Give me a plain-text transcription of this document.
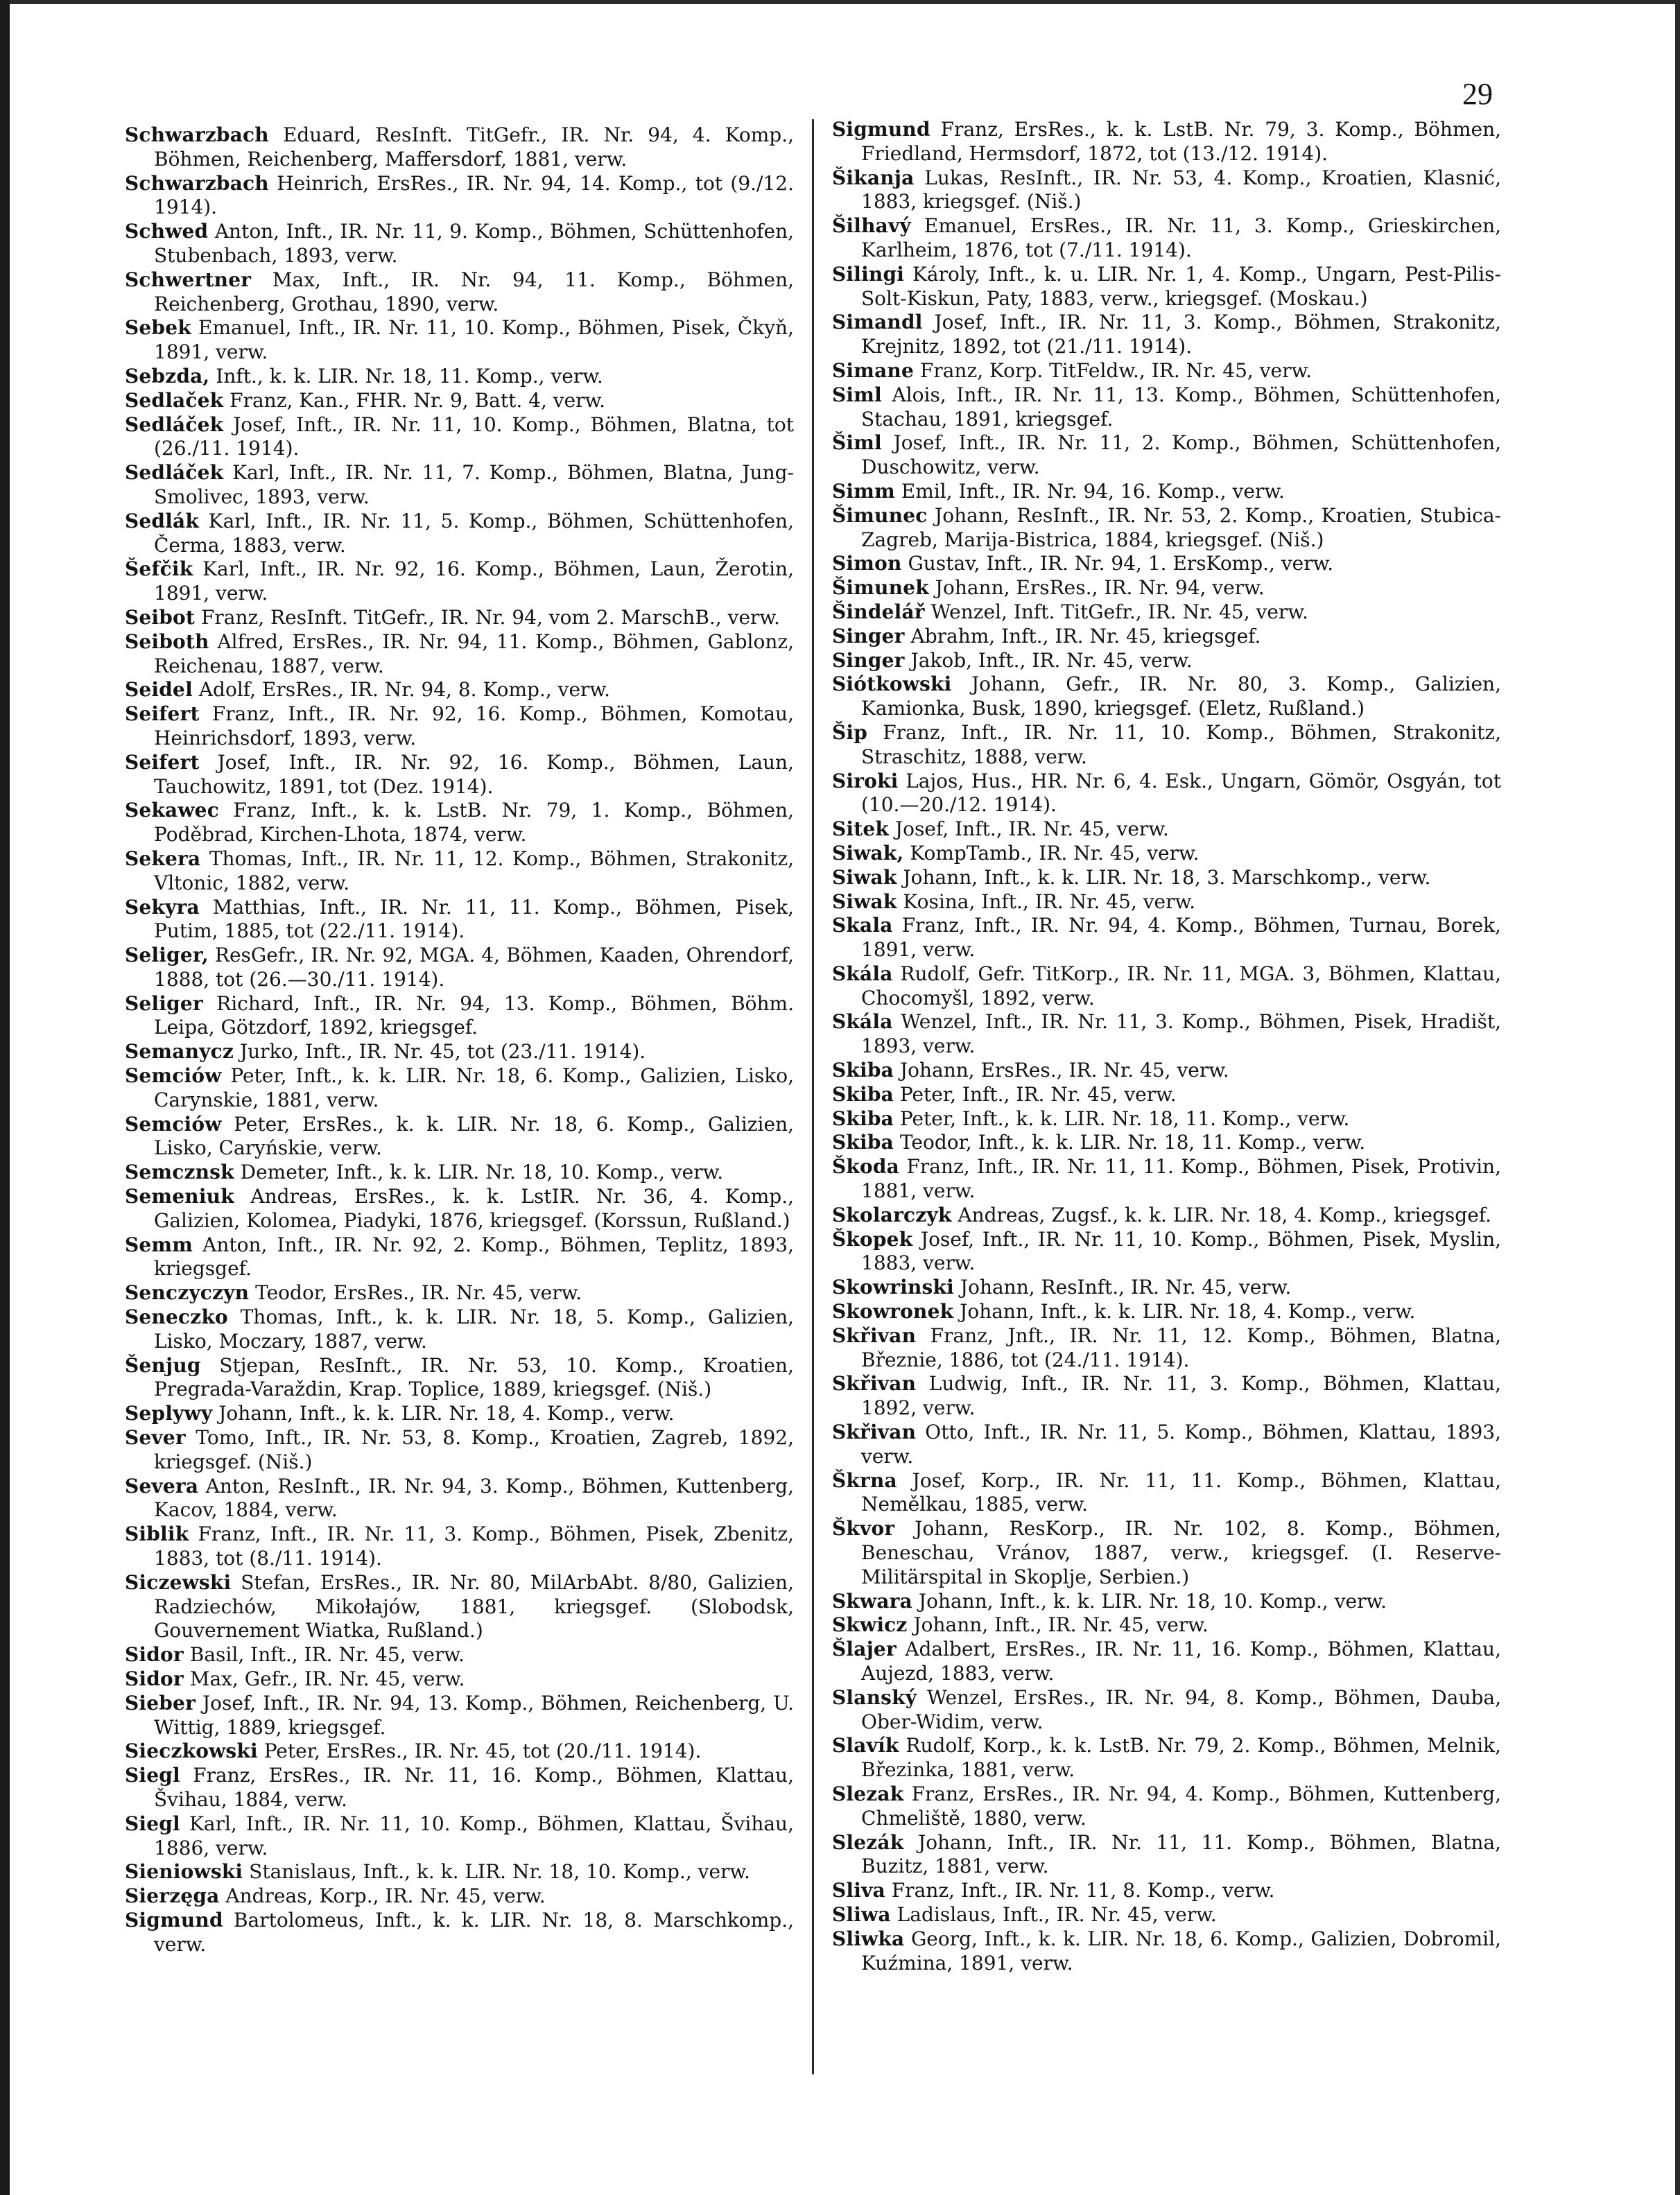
29

Schwarzbach Eduard, ResInft. TitGefr., IR. Nr. 94, 4. Komp., Böhmen, Reichenberg, Maffersdorf, 1881, verw.

Schwarzbach Heinrich, ErsRes., IR. Nr. 94, 14. Komp., tot (9./12. 1914).

Schwed Anton, Inft., IR. Nr. 11, 9. Komp., Böhmen, Schüttenhofen, Stubenbach, 1893, verw.

Schwertner Max, Inft., IR. Nr. 94, 11. Komp., Böhmen, Reichenberg, Grothau, 1890, verw.

Sebek Emanuel, Inft., IR. Nr. 11, 10. Komp., Böhmen, Pisek, Čkyň, 1891, verw.

Sebzda, Inft., k. k. LIR. Nr. 18, 11. Komp., verw.

Sedlaček Franz, Kan., FHR. Nr. 9, Batt. 4, verw.

Sedláček Josef, Inft., IR. Nr. 11, 10. Komp., Böhmen, Blatna, tot (26./11. 1914).

Sedláček Karl, Inft., IR. Nr. 11, 7. Komp., Böhmen, Blatna, Jung-Smolivec, 1893, verw.

Sedlák Karl, Inft., IR. Nr. 11, 5. Komp., Böhmen, Schüttenhofen, Čerma, 1883, verw.

Šefčik Karl, Inft., IR. Nr. 92, 16. Komp., Böhmen, Laun, Žerotin, 1891, verw.

Seibot Franz, ResInft. TitGefr., IR. Nr. 94, vom 2. MarschB., verw.

Seiboth Alfred, ErsRes., IR. Nr. 94, 11. Komp., Böhmen, Gablonz, Reichenau, 1887, verw.

Seidel Adolf, ErsRes., IR. Nr. 94, 8. Komp., verw.

Seifert Franz, Inft., IR. Nr. 92, 16. Komp., Böhmen, Komotau, Heinrichsdorf, 1893, verw.

Seifert Josef, Inft., IR. Nr. 92, 16. Komp., Böhmen, Laun, Tauchowitz, 1891, tot (Dez. 1914).

Sekawec Franz, Inft., k. k. LstB. Nr. 79, 1. Komp., Böhmen, Poděbrad, Kirchen-Lhota, 1874, verw.

Sekera Thomas, Inft., IR. Nr. 11, 12. Komp., Böhmen, Strakonitz, Vltonic, 1882, verw.

Sekyra Matthias, Inft., IR. Nr. 11, 11. Komp., Böhmen, Pisek, Putim, 1885, tot (22./11. 1914).

Seliger, ResGefr., IR. Nr. 92, MGA. 4, Böhmen, Kaaden, Ohrendorf, 1888, tot (26.—30./11. 1914).

Seliger Richard, Inft., IR. Nr. 94, 13. Komp., Böhmen, Böhm. Leipa, Götzdorf, 1892, kriegsgef.

Semanycz Jurko, Inft., IR. Nr. 45, tot (23./11. 1914).

Semciów Peter, Inft., k. k. LIR. Nr. 18, 6. Komp., Galizien, Lisko, Carynskie, 1881, verw.

Semciów Peter, ErsRes., k. k. LIR. Nr. 18, 6. Komp., Galizien, Lisko, Caryńskie, verw.

Semcznsk Demeter, Inft., k. k. LIR. Nr. 18, 10. Komp., verw.

Semeniuk Andreas, ErsRes., k. k. LstIR. Nr. 36, 4. Komp., Galizien, Kolomea, Piadyki, 1876, kriegsgef. (Korssun, Rußland.)

Semm Anton, Inft., IR. Nr. 92, 2. Komp., Böhmen, Teplitz, 1893, kriegsgef.

Senczyczyn Teodor, ErsRes., IR. Nr. 45, verw.

Seneczko Thomas, Inft., k. k. LIR. Nr. 18, 5. Komp., Galizien, Lisko, Moczary, 1887, verw.

Šenjug Stjepan, ResInft., IR. Nr. 53, 10. Komp., Kroatien, Pregrada-Varaždin, Krap. Toplice, 1889, kriegsgef. (Niš.)

Seplywy Johann, Inft., k. k. LIR. Nr. 18, 4. Komp., verw.

Sever Tomo, Inft., IR. Nr. 53, 8. Komp., Kroatien, Zagreb, 1892, kriegsgef. (Niš.)

Severa Anton, ResInft., IR. Nr. 94, 3. Komp., Böhmen, Kuttenberg, Kacov, 1884, verw.

Siblik Franz, Inft., IR. Nr. 11, 3. Komp., Böhmen, Pisek, Zbenitz, 1883, tot (8./11. 1914).

Siczewski Stefan, ErsRes., IR. Nr. 80, MilArbAbt. 8/80, Galizien, Radziechów, Mikołajów, 1881, kriegsgef. (Slobodsk, Gouvernement Wiatka, Rußland.)

Sidor Basil, Inft., IR. Nr. 45, verw.

Sidor Max, Gefr., IR. Nr. 45, verw.

Sieber Josef, Inft., IR. Nr. 94, 13. Komp., Böhmen, Reichenberg, U. Wittig, 1889, kriegsgef.

Sieczkowski Peter, ErsRes., IR. Nr. 45, tot (20./11. 1914).

Siegl Franz, ErsRes., IR. Nr. 11, 16. Komp., Böhmen, Klattau, Švihau, 1884, verw.

Siegl Karl, Inft., IR. Nr. 11, 10. Komp., Böhmen, Klattau, Švihau, 1886, verw.

Sieniowski Stanislaus, Inft., k. k. LIR. Nr. 18, 10. Komp., verw.

Sierzęga Andreas, Korp., IR. Nr. 45, verw.

Sigmund Bartolomeus, Inft., k. k. LIR. Nr. 18, 8. Marschkomp., verw.

Sigmund Franz, ErsRes., k. k. LstB. Nr. 79, 3. Komp., Böhmen, Friedland, Hermsdorf, 1872, tot (13./12. 1914).

Šikanja Lukas, ResInft., IR. Nr. 53, 4. Komp., Kroatien, Klasnić, 1883, kriegsgef. (Niš.)

Šilhavý Emanuel, ErsRes., IR. Nr. 11, 3. Komp., Grieskirchen, Karlheim, 1876, tot (7./11. 1914).

Silingi Károly, Inft., k. u. LIR. Nr. 1, 4. Komp., Ungarn, Pest-Pilis-Solt-Kiskun, Paty, 1883, verw., kriegsgef. (Moskau.)

Simandl Josef, Inft., IR. Nr. 11, 3. Komp., Böhmen, Strakonitz, Krejnitz, 1892, tot (21./11. 1914).

Simane Franz, Korp. TitFeldw., IR. Nr. 45, verw.

Siml Alois, Inft., IR. Nr. 11, 13. Komp., Böhmen, Schüttenhofen, Stachau, 1891, kriegsgef.

Šiml Josef, Inft., IR. Nr. 11, 2. Komp., Böhmen, Schüttenhofen, Duschowitz, verw.

Simm Emil, Inft., IR. Nr. 94, 16. Komp., verw.

Šimunec Johann, ResInft., IR. Nr. 53, 2. Komp., Kroatien, Stubica-Zagreb, Marija-Bistrica, 1884, kriegsgef. (Niš.)

Simon Gustav, Inft., IR. Nr. 94, 1. ErsKomp., verw.

Šimunek Johann, ErsRes., IR. Nr. 94, verw.

Šindelář Wenzel, Inft. TitGefr., IR. Nr. 45, verw.

Singer Abrahm, Inft., IR. Nr. 45, kriegsgef.

Singer Jakob, Inft., IR. Nr. 45, verw.

Siótkowski Johann, Gefr., IR. Nr. 80, 3. Komp., Galizien, Kamionka, Busk, 1890, kriegsgef. (Eletz, Rußland.)

Šip Franz, Inft., IR. Nr. 11, 10. Komp., Böhmen, Strakonitz, Straschitz, 1888, verw.

Siroki Lajos, Hus., HR. Nr. 6, 4. Esk., Ungarn, Gömör, Osgyán, tot (10.—20./12. 1914).

Sitek Josef, Inft., IR. Nr. 45, verw.

Siwak, KompTamb., IR. Nr. 45, verw.

Siwak Johann, Inft., k. k. LIR. Nr. 18, 3. Marschkomp., verw.

Siwak Kosina, Inft., IR. Nr. 45, verw.

Skala Franz, Inft., IR. Nr. 94, 4. Komp., Böhmen, Turnau, Borek, 1891, verw.

Skála Rudolf, Gefr. TitKorp., IR. Nr. 11, MGA. 3, Böhmen, Klattau, Chocomyšl, 1892, verw.

Skála Wenzel, Inft., IR. Nr. 11, 3. Komp., Böhmen, Pisek, Hradišt, 1893, verw.

Skiba Johann, ErsRes., IR. Nr. 45, verw.

Skiba Peter, Inft., IR. Nr. 45, verw.

Skiba Peter, Inft., k. k. LIR. Nr. 18, 11. Komp., verw.

Skiba Teodor, Inft., k. k. LIR. Nr. 18, 11. Komp., verw.

Škoda Franz, Inft., IR. Nr. 11, 11. Komp., Böhmen, Pisek, Protivin, 1881, verw.

Skolarczyk Andreas, Zugsf., k. k. LIR. Nr. 18, 4. Komp., kriegsgef.

Škopek Josef, Inft., IR. Nr. 11, 10. Komp., Böhmen, Pisek, Myslin, 1883, verw.

Skowrinski Johann, ResInft., IR. Nr. 45, verw.

Skowronek Johann, Inft., k. k. LIR. Nr. 18, 4. Komp., verw.

Skřivan Franz, Jnft., IR. Nr. 11, 12. Komp., Böhmen, Blatna, Březnie, 1886, tot (24./11. 1914).

Skřivan Ludwig, Inft., IR. Nr. 11, 3. Komp., Böhmen, Klattau, 1892, verw.

Skřivan Otto, Inft., IR. Nr. 11, 5. Komp., Böhmen, Klattau, 1893, verw.

Škrna Josef, Korp., IR. Nr. 11, 11. Komp., Böhmen, Klattau, Nemělkau, 1885, verw.

Škvor Johann, ResKorp., IR. Nr. 102, 8. Komp., Böhmen, Beneschau, Vránov, 1887, verw., kriegsgef. (I. Reserve-Militärspital in Skoplje, Serbien.)

Skwara Johann, Inft., k. k. LIR. Nr. 18, 10. Komp., verw.

Skwicz Johann, Inft., IR. Nr. 45, verw.

Šlajer Adalbert, ErsRes., IR. Nr. 11, 16. Komp., Böhmen, Klattau, Aujezd, 1883, verw.

Slanský Wenzel, ErsRes., IR. Nr. 94, 8. Komp., Böhmen, Dauba, Ober-Widim, verw.

Slavík Rudolf, Korp., k. k. LstB. Nr. 79, 2. Komp., Böhmen, Melnik, Březinka, 1881, verw.

Slezak Franz, ErsRes., IR. Nr. 94, 4. Komp., Böhmen, Kuttenberg, Chmeliště, 1880, verw.

Slezák Johann, Inft., IR. Nr. 11, 11. Komp., Böhmen, Blatna, Buzitz, 1881, verw.

Sliva Franz, Inft., IR. Nr. 11, 8. Komp., verw.

Sliwa Ladislaus, Inft., IR. Nr. 45, verw.

Sliwka Georg, Inft., k. k. LIR. Nr. 18, 6. Komp., Galizien, Dobromil, Kuźmina, 1891, verw.
